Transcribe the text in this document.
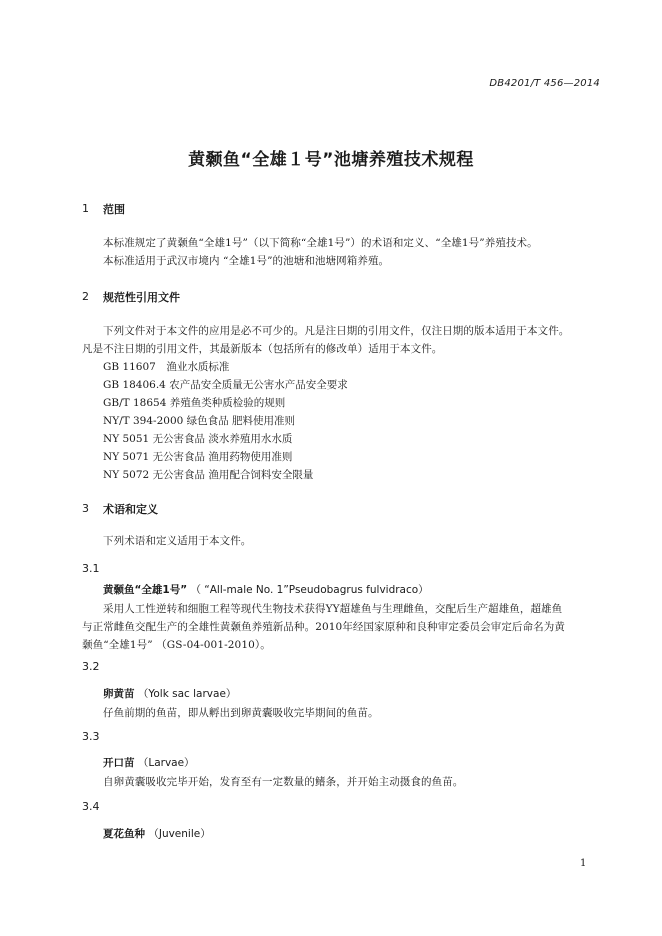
DB4201/T 456—2014
黄颡鱼“全雄１号”池塘养殖技术规程
1 范围
本标准规定了黄颡鱼“全雄1号”（以下简称“全雄1号”）的术语和定义、“全雄1号”养殖技术。
本标准适用于武汉市境内 “全雄1号”的池塘和池塘网箱养殖。
2 规范性引用文件
下列文件对于本文件的应用是必不可少的。凡是注日期的引用文件，仅注日期的版本适用于本文件。
凡是不注日期的引用文件，其最新版本（包括所有的修改单）适用于本文件。
GB 11607　渔业水质标准
GB 18406.4 农产品安全质量无公害水产品安全要求
GB/T 18654 养殖鱼类种质检验的规则
NY/T 394-2000 绿色食品 肥料使用准则
NY 5051 无公害食品 淡水养殖用水水质
NY 5071 无公害食品 渔用药物使用准则
NY 5072 无公害食品 渔用配合饲料安全限量
3 术语和定义
下列术语和定义适用于本文件。
3.1
黄颡鱼“全雄1号” （ “All-male No. 1”Pseudobagrus fulvidraco）
采用人工性逆转和细胞工程等现代生物技术获得YY超雄鱼与生理雌鱼，交配后生产超雄鱼，超雄鱼
与正常雌鱼交配生产的全雄性黄颡鱼养殖新品种。2010年经国家原种和良种审定委员会审定后命名为黄
颡鱼“全雄1号” （GS-04-001-2010）。
3.2
卵黄苗 （Yolk sac larvae）
仔鱼前期的鱼苗，即从孵出到卵黄囊吸收完毕期间的鱼苗。
3.3
开口苗 （Larvae）
自卵黄囊吸收完毕开始，发育至有一定数量的鳍条，并开始主动摄食的鱼苗。
3.4
夏花鱼种 （Juvenile）
1
